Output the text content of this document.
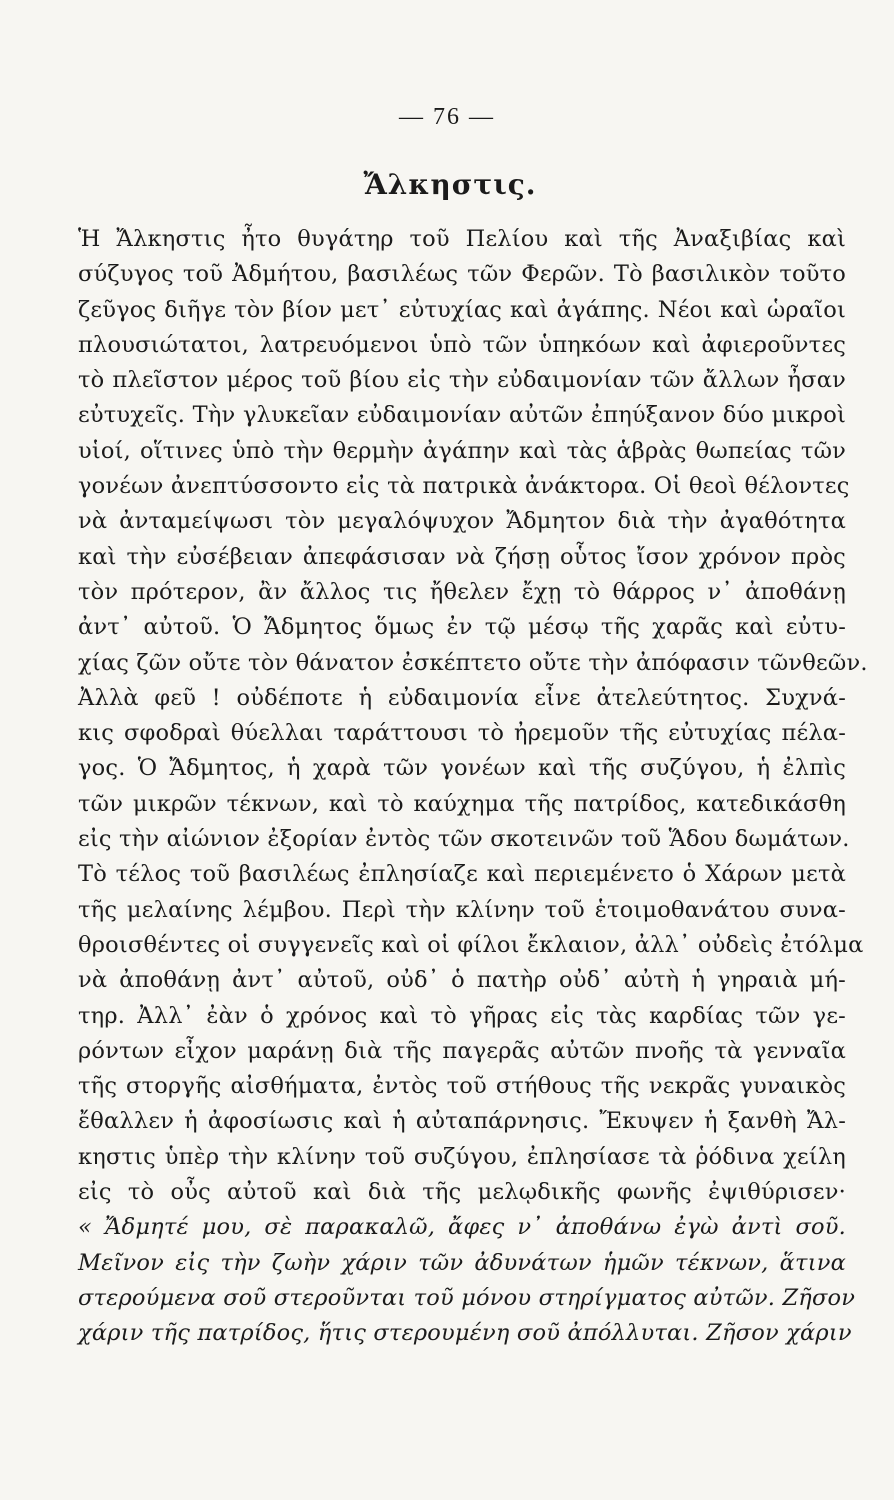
— 76 —
Ἄλκηστις.
Ἡ Ἄλκηστις ἦτο θυγάτηρ τοῦ Πελίου καὶ τῆς Ἀναξιβίας καὶ
σύζυγος τοῦ Ἀδμήτου, βασιλέως τῶν Φερῶν. Τὸ βασιλικὸν τοῦτο
ζεῦγος διῆγε τὸν βίον μετ᾽ εὐτυχίας καὶ ἀγάπης. Νέοι καὶ ὡραῖοι
πλουσιώτατοι, λατρευόμενοι ὑπὸ τῶν ὑπηκόων καὶ ἀφιεροῦντες
τὸ πλεῖστον μέρος τοῦ βίου εἰς τὴν εὐδαιμονίαν τῶν ἄλλων ἦσαν
εὐτυχεῖς. Τὴν γλυκεῖαν εὐδαιμονίαν αὐτῶν ἐπηύξανον δύο μικροὶ
υἱοί, οἵτινες ὑπὸ τὴν θερμὴν ἀγάπην καὶ τὰς ἁβρὰς θωπείας τῶν
γονέων ἀνεπτύσσοντο εἰς τὰ πατρικὰ ἀνάκτορα. Οἱ θεοὶ θέλοντες
νὰ ἀνταμείψωσι τὸν μεγαλόψυχον Ἄδμητον διὰ τὴν ἀγαθότητα
καὶ τὴν εὐσέβειαν ἀπεφάσισαν νὰ ζήσῃ οὗτος ἴσον χρόνον πρὸς
τὸν πρότερον, ἂν ἄλλος τις ἤθελεν ἔχῃ τὸ θάρρος ν᾽ ἀποθάνῃ
ἀντ᾽ αὐτοῦ. Ὁ Ἄδμητος ὅμως ἐν τῷ μέσῳ τῆς χαρᾶς καὶ εὐτυ-
χίας ζῶν οὔτε τὸν θάνατον ἐσκέπτετο οὔτε τὴν ἀπόφασιν τῶνθεῶν.
Ἀλλὰ φεῦ ! οὐδέποτε ἡ εὐδαιμονία εἶνε ἀτελεύτητος. Συχνά-
κις σφοδραὶ θύελλαι ταράττουσι τὸ ἠρεμοῦν τῆς εὐτυχίας πέλα-
γος. Ὁ Ἄδμητος, ἡ χαρὰ τῶν γονέων καὶ τῆς συζύγου, ἡ ἐλπὶς
τῶν μικρῶν τέκνων, καὶ τὸ καύχημα τῆς πατρίδος, κατεδικάσθη
εἰς τὴν αἰώνιον ἐξορίαν ἐντὸς τῶν σκοτεινῶν τοῦ Ἅδου δωμάτων.
Τὸ τέλος τοῦ βασιλέως ἐπλησίαζε καὶ περιεμένετο ὁ Χάρων μετὰ
τῆς μελαίνης λέμβου. Περὶ τὴν κλίνην τοῦ ἑτοιμοθανάτου συνα-
θροισθέντες οἱ συγγενεῖς καὶ οἱ φίλοι ἔκλαιον, ἀλλ᾽ οὐδεὶς ἐτόλμα
νὰ ἀποθάνῃ ἀντ᾽ αὐτοῦ, οὐδ᾽ ὁ πατὴρ οὐδ᾽ αὐτὴ ἡ γηραιὰ μή-
τηρ. Ἀλλ᾽ ἐὰν ὁ χρόνος καὶ τὸ γῆρας εἰς τὰς καρδίας τῶν γε-
ρόντων εἶχον μαράνῃ διὰ τῆς παγερᾶς αὐτῶν πνοῆς τὰ γενναῖα
τῆς στοργῆς αἰσθήματα, ἐντὸς τοῦ στήθους τῆς νεκρᾶς γυναικὸς
ἔθαλλεν ἡ ἀφοσίωσις καὶ ἡ αὐταπάρνησις. Ἔκυψεν ἡ ξανθὴ Ἄλ-
κηστις ὑπὲρ τὴν κλίνην τοῦ συζύγου, ἐπλησίασε τὰ ῥόδινα χείλη
εἰς τὸ οὖς αὐτοῦ καὶ διὰ τῆς μελῳδικῆς φωνῆς ἐψιθύρισεν·
« Ἄδμητέ μου, σὲ παρακαλῶ, ἄφες ν᾽ ἀποθάνω ἐγὼ ἀντὶ σοῦ.
Μεῖνον εἰς τὴν ζωὴν χάριν τῶν ἀδυνάτων ἡμῶν τέκνων, ἅτινα
στερούμενα σοῦ στεροῦνται τοῦ μόνου στηρίγματος αὐτῶν. Ζῆσον
χάριν τῆς πατρίδος, ἥτις στερουμένη σοῦ ἀπόλλυται. Ζῆσον χάριν
